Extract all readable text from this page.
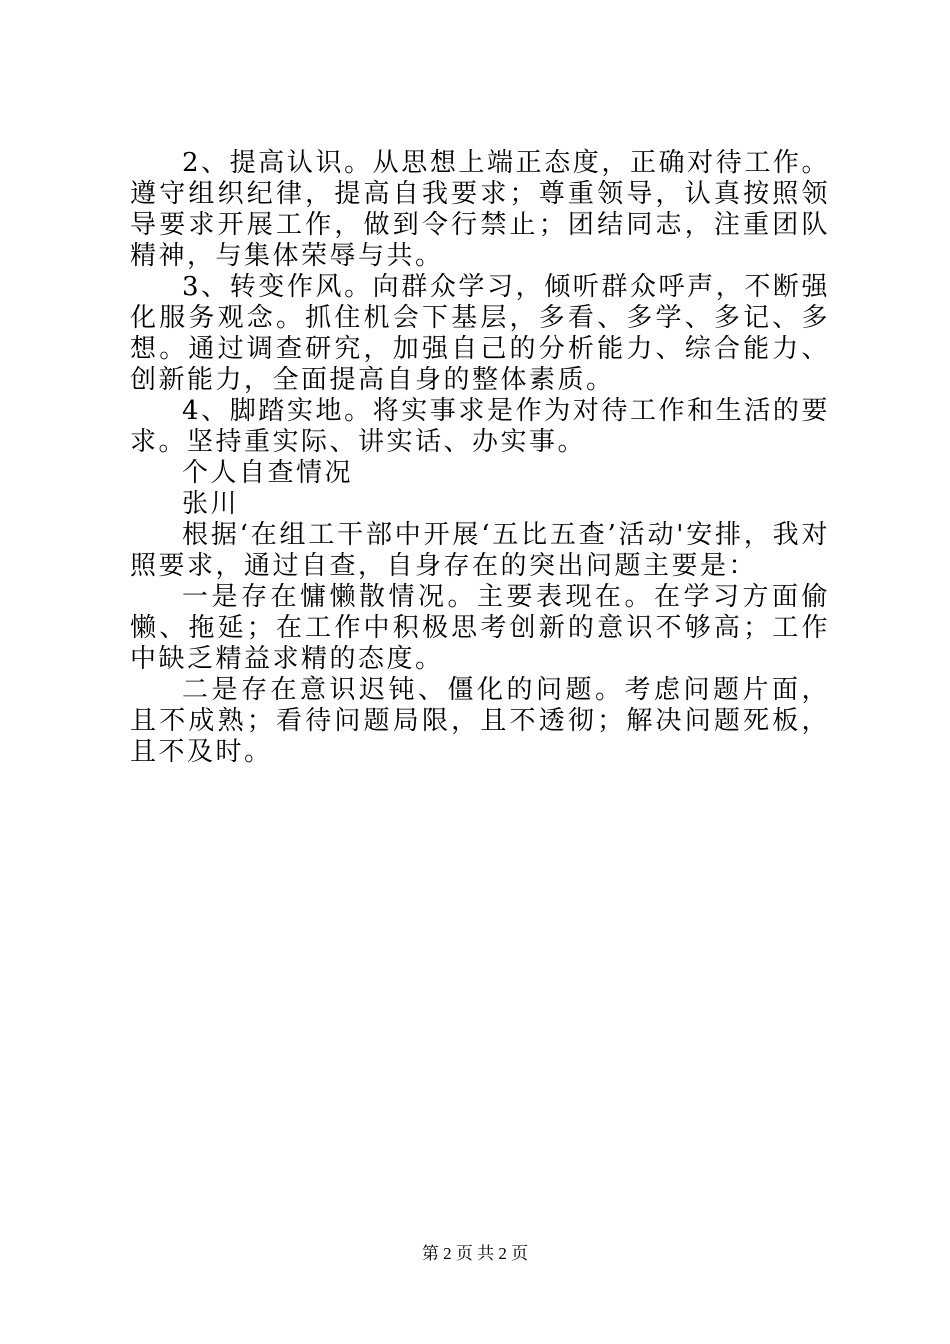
2、提高认识。从思想上端正态度，正确对待工作。遵守组织纪律，提高自我要求；尊重领导，认真按照领导要求开展工作，做到令行禁止；团结同志，注重团队精神，与集体荣辱与共。

3、转变作风。向群众学习，倾听群众呼声，不断强化服务观念。抓住机会下基层，多看、多学、多记、多想。通过调查研究，加强自己的分析能力、综合能力、创新能力，全面提高自身的整体素质。

4、脚踏实地。将实事求是作为对待工作和生活的要求。坚持重实际、讲实话、办实事。

个人自查情况

张川

根据‘在组工干部中开展‘五比五查’活动'安排，我对照要求，通过自查，自身存在的突出问题主要是：

一是存在慵懒散情况。主要表现在。在学习方面偷懒、拖延；在工作中积极思考创新的意识不够高；工作中缺乏精益求精的态度。

二是存在意识迟钝、僵化的问题。考虑问题片面，且不成熟；看待问题局限，且不透彻；解决问题死板，且不及时。

第 2 页 共 2 页
